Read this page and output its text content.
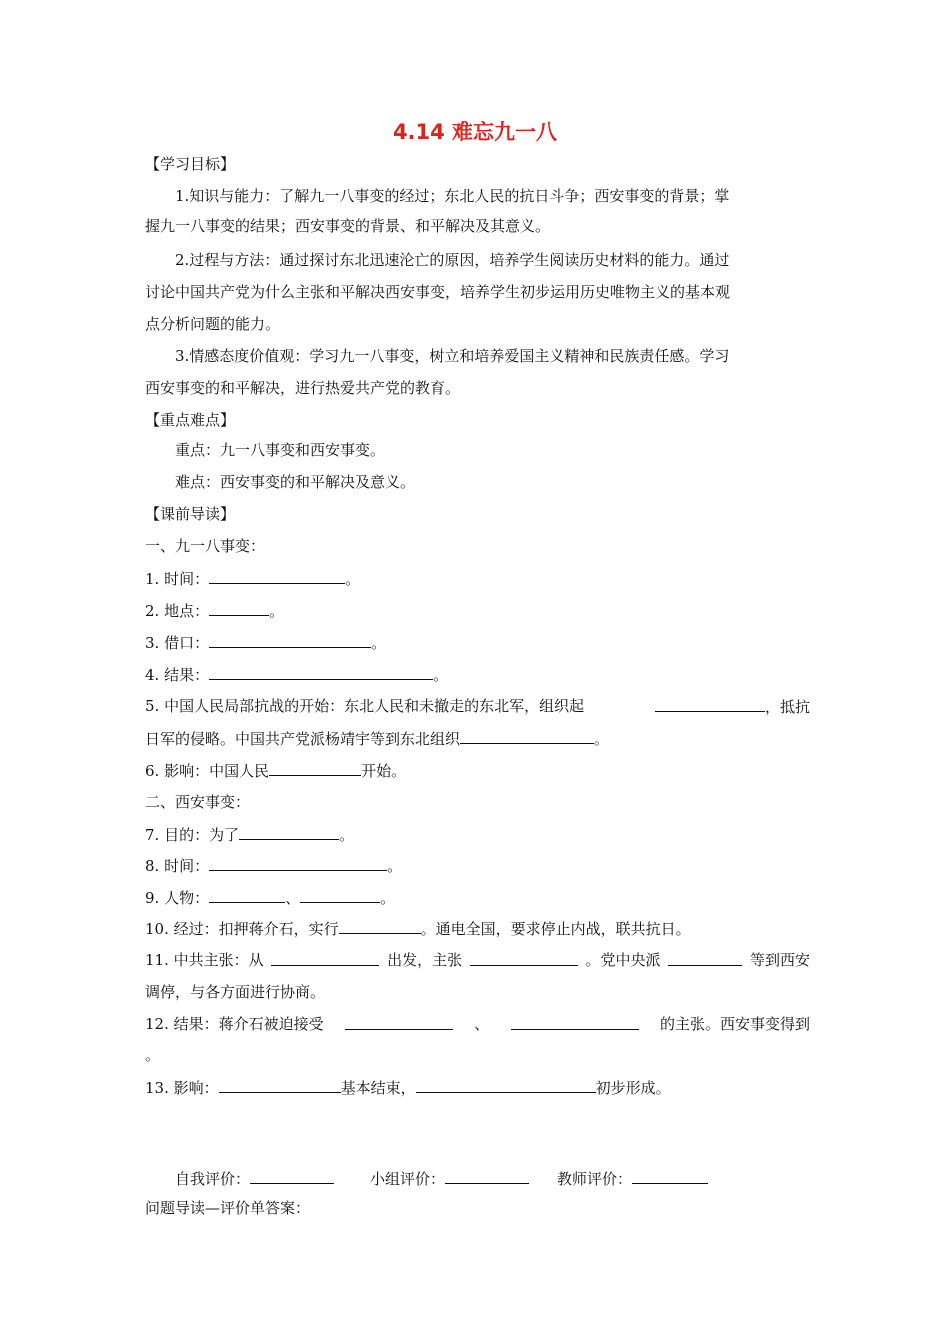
4.14 难忘九一八
【学习目标】
1.知识与能力：了解九一八事变的经过；东北人民的抗日斗争；西安事变的背景；掌
握九一八事变的结果；西安事变的背景、和平解决及其意义。
2.过程与方法：通过探讨东北迅速沦亡的原因，培养学生阅读历史材料的能力。通过
讨论中国共产党为什么主张和平解决西安事变，培养学生初步运用历史唯物主义的基本观
点分析问题的能力。
3.情感态度价值观：学习九一八事变，树立和培养爱国主义精神和民族责任感。学习
西安事变的和平解决，进行热爱共产党的教育。
【重点难点】
重点：九一八事变和西安事变。
难点：西安事变的和平解决及意义。
【课前导读】
一、九一八事变：
1. 时间：	。
2. 地点：	。
3. 借口：	。
4. 结果：	。
5. 中国人民局部抗战的开始：东北人民和未撤走的东北军，组织起	，抵抗
日军的侵略。中国共产党派杨靖宇等到东北组织	。
6. 影响：中国人民	开始。
二、西安事变：
7. 目的：为了	。
8. 时间：	。
9. 人物：	、	。
10. 经过：扣押蒋介石，实行	。通电全国，要求停止内战，联共抗日。
11. 中共主张：从	出发，主张	。党中央派	等到西安
调停，与各方面进行协商。
12. 结果：蒋介石被迫接受	、	的主张。西安事变得到
。
13. 影响：	基本结束，	初步形成。
自我评价：	小组评价：	教师评价：
问题导读—评价单答案：
